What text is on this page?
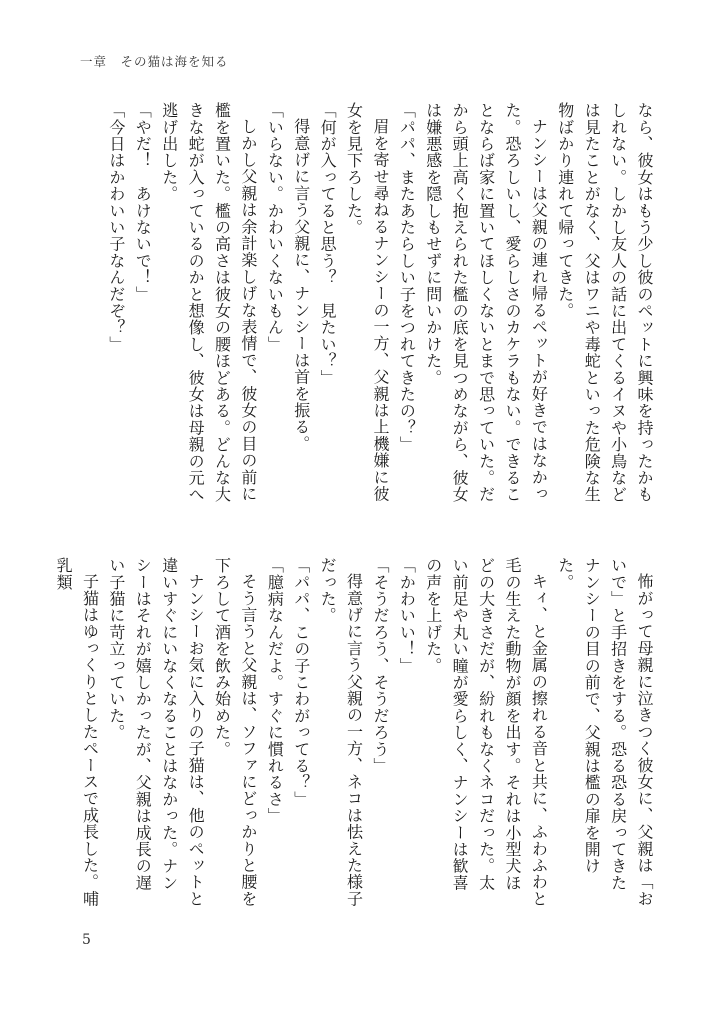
一章　その猫は海を知る

なら、彼女はもう少し彼のペットに興味を持ったかもしれない。しかし友人の話に出てくるイヌや小鳥などは見たことがなく、父はワニや毒蛇といった危険な生物ばかり連れて帰ってきた。

ナンシーは父親の連れ帰るペットが好きではなかった。恐ろしいし、愛らしさのカケラもない。できることならば家に置いてほしくないとまで思っていた。だから頭上高く抱えられた檻の底を見つめながら、彼女は嫌悪感を隠しもせずに問いかけた。

「パパ、またあたらしい子をつれてきたの？」

眉を寄せ尋ねるナンシーの一方、父親は上機嫌に彼女を見下ろした。

「何が入ってると思う？　見たい？」

得意げに言う父親に、ナンシーは首を振る。

「いらない。かわいくないもん」

しかし父親は余計楽しげな表情で、彼女の目の前に檻を置いた。檻の高さは彼女の腰ほどある。どんな大きな蛇が入っているのかと想像し、彼女は母親の元へ逃げ出した。

「やだ！　あけないで！」

「今日はかわいい子なんだぞ？」

怖がって母親に泣きつく彼女に、父親は「おいで」と手招きをする。恐る恐る戻ってきたナンシーの目の前で、父親は檻の扉を開けた。

キィ、と金属の擦れる音と共に、ふわふわと毛の生えた動物が顔を出す。それは小型犬ほどの大きさだが、紛れもなくネコだった。太い前足や丸い瞳が愛らしく、ナンシーは歓喜の声を上げた。

「かわいい！」

「そうだろう、そうだろう」

得意げに言う父親の一方、ネコは怯えた様子だった。

「パパ、この子こわがってる？」

「臆病なんだよ。すぐに慣れるさ」

そう言うと父親は、ソファにどっかりと腰を下ろして酒を飲み始めた。

ナンシーお気に入りの子猫は、他のペットと違いすぐにいなくなることはなかった。ナンシーはそれが嬉しかったが、父親は成長の遅い子猫に苛立っていた。

子猫はゆっくりとしたペースで成長した。哺乳類

5
